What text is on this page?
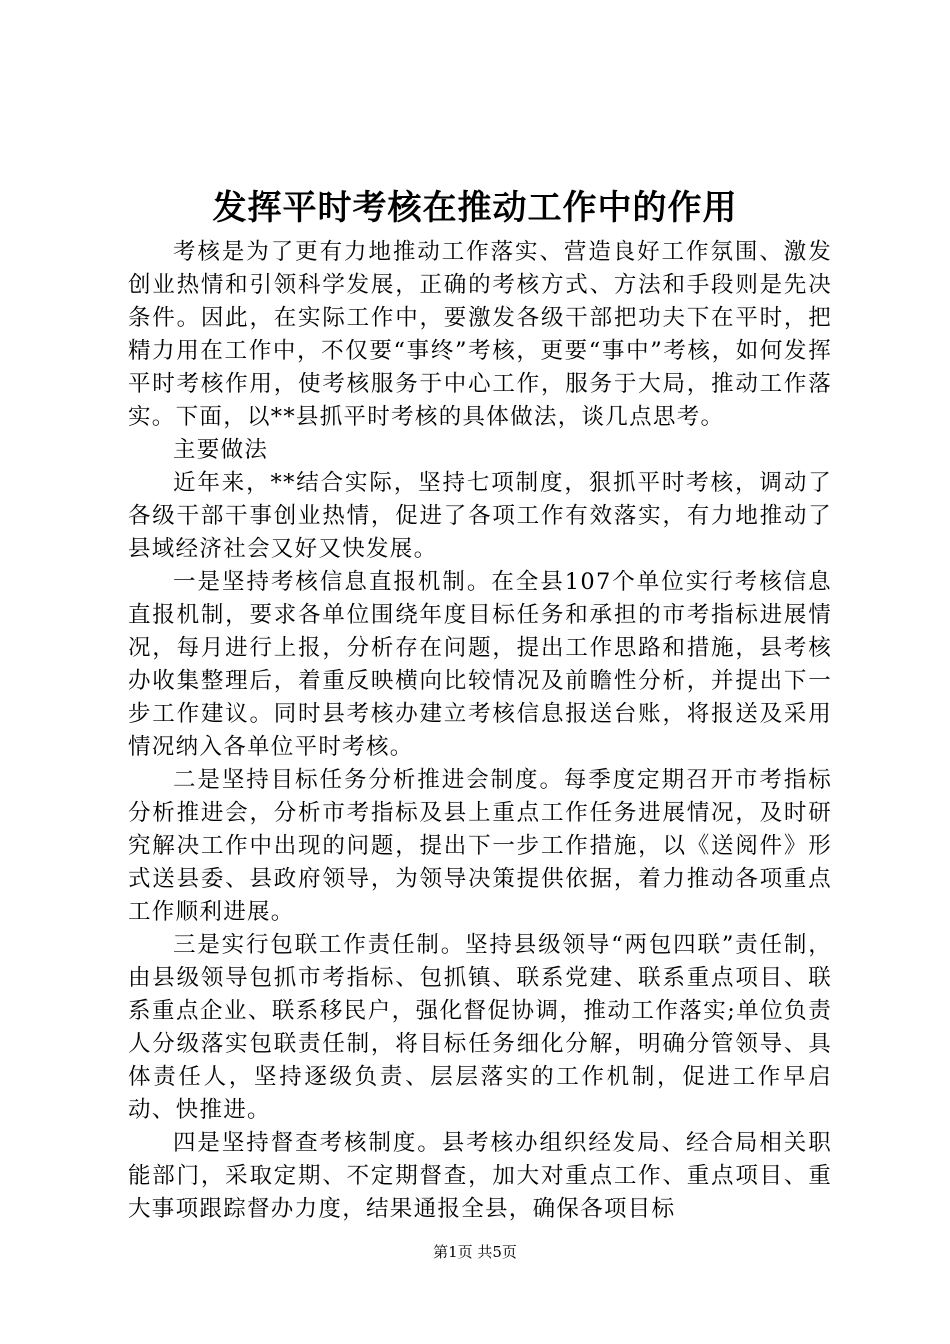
发挥平时考核在推动工作中的作用

考核是为了更有力地推动工作落实、营造良好工作氛围、激发创业热情和引领科学发展，正确的考核方式、方法和手段则是先决条件。因此，在实际工作中，要激发各级干部把功夫下在平时，把精力用在工作中，不仅要“事终”考核，更要“事中”考核，如何发挥平时考核作用，使考核服务于中心工作，服务于大局，推动工作落实。下面，以**县抓平时考核的具体做法，谈几点思考。

主要做法

近年来，**结合实际，坚持七项制度，狠抓平时考核，调动了各级干部干事创业热情，促进了各项工作有效落实，有力地推动了县域经济社会又好又快发展。

一是坚持考核信息直报机制。在全县107个单位实行考核信息直报机制，要求各单位围绕年度目标任务和承担的市考指标进展情况，每月进行上报，分析存在问题，提出工作思路和措施，县考核办收集整理后，着重反映横向比较情况及前瞻性分析，并提出下一步工作建议。同时县考核办建立考核信息报送台账，将报送及采用情况纳入各单位平时考核。

二是坚持目标任务分析推进会制度。每季度定期召开市考指标分析推进会，分析市考指标及县上重点工作任务进展情况，及时研究解决工作中出现的问题，提出下一步工作措施，以《送阅件》形式送县委、县政府领导，为领导决策提供依据，着力推动各项重点工作顺利进展。

三是实行包联工作责任制。坚持县级领导“两包四联”责任制，由县级领导包抓市考指标、包抓镇、联系党建、联系重点项目、联系重点企业、联系移民户，强化督促协调，推动工作落实;单位负责人分级落实包联责任制，将目标任务细化分解，明确分管领导、具体责任人，坚持逐级负责、层层落实的工作机制，促进工作早启动、快推进。

四是坚持督查考核制度。县考核办组织经发局、经合局相关职能部门，采取定期、不定期督查，加大对重点工作、重点项目、重大事项跟踪督办力度，结果通报全县，确保各项目标

第1页 共5页
